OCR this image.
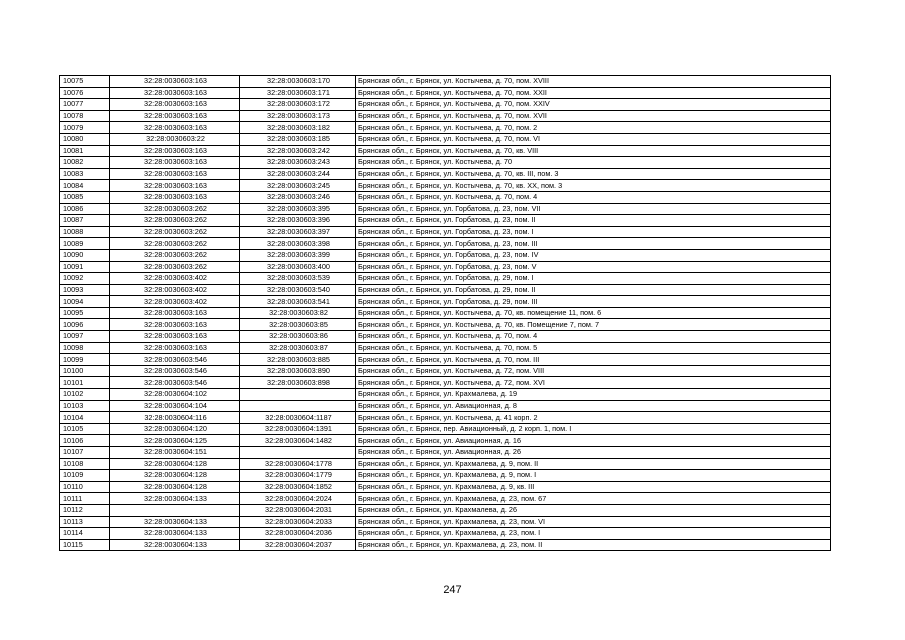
10075	32:28:0030603:163	32:28:0030603:170	Брянская обл., г. Брянск, ул. Костычева, д. 70, пом. XVIII
10076	32:28:0030603:163	32:28:0030603:171	Брянская обл., г. Брянск, ул. Костычева, д. 70, пом. XXII
10077	32:28:0030603:163	32:28:0030603:172	Брянская обл., г. Брянск, ул. Костычева, д. 70, пом. XXIV
10078	32:28:0030603:163	32:28:0030603:173	Брянская обл., г. Брянск, ул. Костычева, д. 70, пом. XVII
10079	32:28:0030603:163	32:28:0030603:182	Брянская обл., г. Брянск, ул. Костычева, д. 70, пом. 2
10080	32:28:0030603:22	32:28:0030603:185	Брянская обл., г. Брянск, ул. Костычева, д. 70, пом. VI
10081	32:28:0030603:163	32:28:0030603:242	Брянская обл., г. Брянск, ул. Костычева, д. 70, кв. VIII
10082	32:28:0030603:163	32:28:0030603:243	Брянская обл., г. Брянск, ул. Костычева, д. 70
10083	32:28:0030603:163	32:28:0030603:244	Брянская обл., г. Брянск, ул. Костычева, д. 70, кв. III, пом. 3
10084	32:28:0030603:163	32:28:0030603:245	Брянская обл., г. Брянск, ул. Костычева, д. 70, кв. XX, пом. 3
10085	32:28:0030603:163	32:28:0030603:246	Брянская обл., г. Брянск, ул. Костычева, д. 70, пом. 4
10086	32:28:0030603:262	32:28:0030603:395	Брянская обл., г. Брянск, ул. Горбатова, д. 23, пом. VII
10087	32:28:0030603:262	32:28:0030603:396	Брянская обл., г. Брянск, ул. Горбатова, д. 23, пом. II
10088	32:28:0030603:262	32:28:0030603:397	Брянская обл., г. Брянск, ул. Горбатова, д. 23, пом. I
10089	32:28:0030603:262	32:28:0030603:398	Брянская обл., г. Брянск, ул. Горбатова, д. 23, пом. III
10090	32:28:0030603:262	32:28:0030603:399	Брянская обл., г. Брянск, ул. Горбатова, д. 23, пом. IV
10091	32:28:0030603:262	32:28:0030603:400	Брянская обл., г. Брянск, ул. Горбатова, д. 23, пом. V
10092	32:28:0030603:402	32:28:0030603:539	Брянская обл., г. Брянск, ул. Горбатова, д. 29, пом. I
10093	32:28:0030603:402	32:28:0030603:540	Брянская обл., г. Брянск, ул. Горбатова, д. 29, пом. II
10094	32:28:0030603:402	32:28:0030603:541	Брянская обл., г. Брянск, ул. Горбатова, д. 29, пом. III
10095	32:28:0030603:163	32:28:0030603:82	Брянская обл., г. Брянск, ул. Костычева, д. 70, кв. помещение 11, пом. 6
10096	32:28:0030603:163	32:28:0030603:85	Брянская обл., г. Брянск, ул. Костычева, д. 70, кв. Помещение 7, пом. 7
10097	32:28:0030603:163	32:28:0030603:86	Брянская обл., г. Брянск, ул. Костычева, д. 70, пом. 4
10098	32:28:0030603:163	32:28:0030603:87	Брянская обл., г. Брянск, ул. Костычева, д. 70, пом. 5
10099	32:28:0030603:546	32:28:0030603:885	Брянская обл., г. Брянск, ул. Костычева, д. 70, пом. III
10100	32:28:0030603:546	32:28:0030603:890	Брянская обл., г. Брянск, ул. Костычева, д. 72, пом. VIII
10101	32:28:0030603:546	32:28:0030603:898	Брянская обл., г. Брянск, ул. Костычева, д. 72, пом. XVI
10102	32:28:0030604:102		Брянская обл., г. Брянск, ул. Крахмалева, д. 19
10103	32:28:0030604:104		Брянская обл., г. Брянск, ул. Авиационная, д. 8
10104	32:28:0030604:116	32:28:0030604:1187	Брянская обл., г. Брянск, ул. Костычева, д. 41 корп. 2
10105	32:28:0030604:120	32:28:0030604:1391	Брянская обл., г. Брянск, пер. Авиационный, д. 2 корп. 1, пом. I
10106	32:28:0030604:125	32:28:0030604:1482	Брянская обл., г. Брянск, ул. Авиационная, д. 16
10107	32:28:0030604:151		Брянская обл., г. Брянск, ул. Авиационная, д. 26
10108	32:28:0030604:128	32:28:0030604:1778	Брянская обл., г. Брянск, ул. Крахмалева, д. 9, пом. II
10109	32:28:0030604:128	32:28:0030604:1779	Брянская обл., г. Брянск, ул. Крахмалева, д. 9, пом. I
10110	32:28:0030604:128	32:28:0030604:1852	Брянская обл., г. Брянск, ул. Крахмалева, д. 9, кв. III
10111	32:28:0030604:133	32:28:0030604:2024	Брянская обл., г. Брянск, ул. Крахмалева, д. 23, пом. 67
10112		32:28:0030604:2031	Брянская обл., г. Брянск, ул. Крахмалева, д. 26
10113	32:28:0030604:133	32:28:0030604:2033	Брянская обл., г. Брянск, ул. Крахмалева, д. 23, пом. VI
10114	32:28:0030604:133	32:28:0030604:2036	Брянская обл., г. Брянск, ул. Крахмалева, д. 23, пом. I
10115	32:28:0030604:133	32:28:0030604:2037	Брянская обл., г. Брянск, ул. Крахмалева, д. 23, пом. II
247
